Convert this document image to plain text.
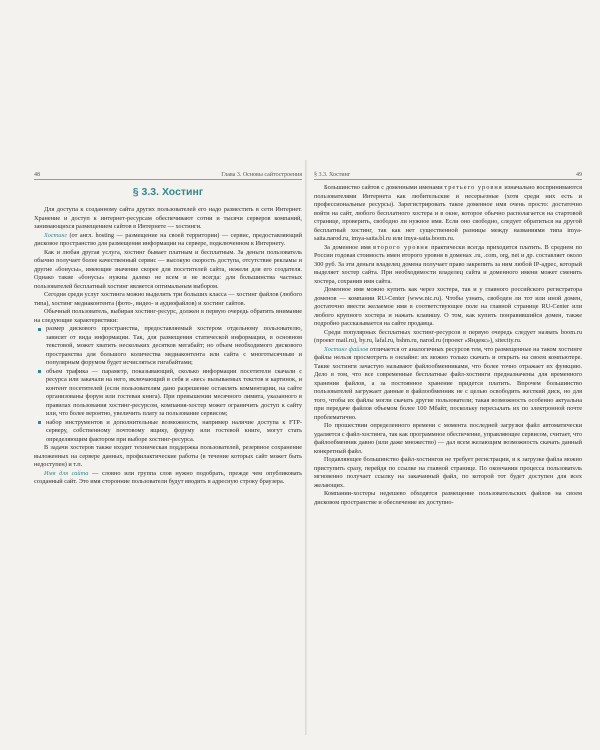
48	Глава 3. Основы сайтостроения
§ 3.3. Хостинг

Для доступа к созданному сайта других пользователей его надо разместить в сети Интернет. Хранение и доступ к интернет-ресурсам обеспечивают сотни и тысячи серверов компаний, занимающихся размещением сайтов в Интернете — хостинги.

Хостинг (от англ. hosting — размещение на своей территории) — сервис, предоставляющий дисковое пространство для размещения информации на сервере, подключенном к Интернету.

Как и любая другая услуга, хостинг бывает платным и бесплатным. За деньги пользователь обычно получает более качественный сервис — высокую скорость доступа, отсутствие рекламы и другие «бонусы», имеющие значение скорее для посетителей сайта, нежели для его создателя. Однако такие «бонусы» нужны далеко не всем и не всегда: для большинства частных пользователей бесплатный хостинг является оптимальным выбором.

Сегодня среди услуг хостинга можно выделить три больших класса — хостинг файлов (любого типа), хостинг медиаконтента (фото-, видео- и аудиофайлов) и хостинг сайтов.

Обычный пользователь, выбирая хостинг-ресурс, должен в первую очередь обратить внимание на следующие характеристики:

размер дискового пространства, предоставляемый хостером отдельному пользователю, зависит от вида информации. Так, для размещения статической информации, в основном текстовой, может хватить нескольких десятков мегабайт; но объем необходимого дискового пространства для большого количества медиаконтента или сайта с многотысячным и популярным форумом будет исчисляться гигабайтами;
объем трафика — параметр, показывающий, сколько информации посетители скачали с ресурса или закачали на него, включающий в себя и «вес» вызываемых текстов и картинок, и контент посетителей (если пользователям дано разрешение оставлять комментарии, на сайте организованы форум или гостевая книга). При превышении месячного лимита, указанного в правилах пользования хостинг-ресурсом, компания-хостер может ограничить доступ к сайту или, что более вероятно, увеличить плату за пользование сервисом;
набор инструментов и дополнительные возможности, например наличие доступа к FTP-серверу, собственному почтовому ящику, форуму или гостевой книге, могут стать определяющим фактором при выборе хостинг-ресурса.

В задачи хостеров также входит техническая поддержка пользователей, резервное сохранение выложенных на сервере данных, профилактические работы (в течение которых сайт может быть недоступен) и т.п.

Имя для сайта — словно или группа слов нужно подобрать, прежде чем опубликовать созданный сайт. Это имя сторонние пользователи будут вводить в адресную строку браузера.

§ 3.3. Хостинг	49

Большинство сайтов с доменными именами третьего уровня изначально воспринимаются пользователями Интернета как любительские и несерьезные (хотя среди них есть и профессиональные ресурсы). Зарегистрировать такое доменное имя очень просто: достаточно войти на сайт, любого бесплатного хостера и в окне, которое обычно располагается на стартовой странице, проверить, свободно ли нужное имя. Если оно свободно, следует обратиться на другой бесплатный хостинг, так как нет существенной разницы между названиями типа imya-saita.narod.ru, imya-saita.bl.ru или imya-saita.boom.ru.

За доменное имя второго уровня практически всегда приходится платить. В среднем по России годовая стоимость имен второго уровня в доменах .ru, .com, org, net и др. составляет около 300 руб. За эти деньги владелец домена получает право закрепить за ним любой IP-адрес, который выделяет хостер сайта. При необходимости владелец сайта и доменного имени может сменить хостера, сохранив имя сайта.

Доменное имя можно купить как через хостера, так и у главного российского регистратора доменов — компании RU-Center (www.nic.ru). Чтобы узнать, свободен ли тот или иной домен, достаточно ввести желаемое имя в соответствующее поле на главной странице RU-Center или любого крупного хостера и нажать клавишу. О том, как купить понравившийся домен, также подробно рассказывается на сайте продавца.

Среди популярных бесплатных хостинг-ресурсов в первую очередь следует назвать boom.ru (проект mail.ru), by.ru, lafal.ru, bshm.ru, narod.ru (проект «Яндекс»), sitecity.ru.

Хостинг файлов отличается от аналогичных ресурсов тем, что размещенные на таком хостинге файлы нельзя просмотреть в онлайне: их можно только скачать и открыть на своем компьютере. Такие хостинги зачастую называют файлообменниками, что более точно отражает их функцию. Дело в том, что все современные бесплатные файл-хостинги предназначены для временного хранения файлов, а за постоянное хранение придется платить. Впрочем большинство пользователей загружает данные в файлообменник не с целью освободить жесткий диск, но для того, чтобы их файлы могли скачать другие пользователи; такая возможность особенно актуальна при передаче файлов объемом более 100 Мбайт, поскольку пересылать их по электронной почте проблематично.

По прошествии определенного времени с момента последней загрузки файл автоматически удаляется с файл-хостинга, так как программное обеспечение, управляющее сервисом, считает, что файлообменник давно (или даже множество) — дал всем желающим возможность скачать данный конкретный файл.

Подавляющее большинство файл-хостингов не требует регистрации, и к загрузке файла можно приступить сразу, перейдя по ссылке на главной странице. По окончании процесса пользователь мгновенно получает ссылку на закачанный файл, по которой тот будет доступен для всех желающих.

Компании-хостеры недешево обходятся размещение пользовательских файлов на своем дисковом пространстве и обеспечение их доступно-
